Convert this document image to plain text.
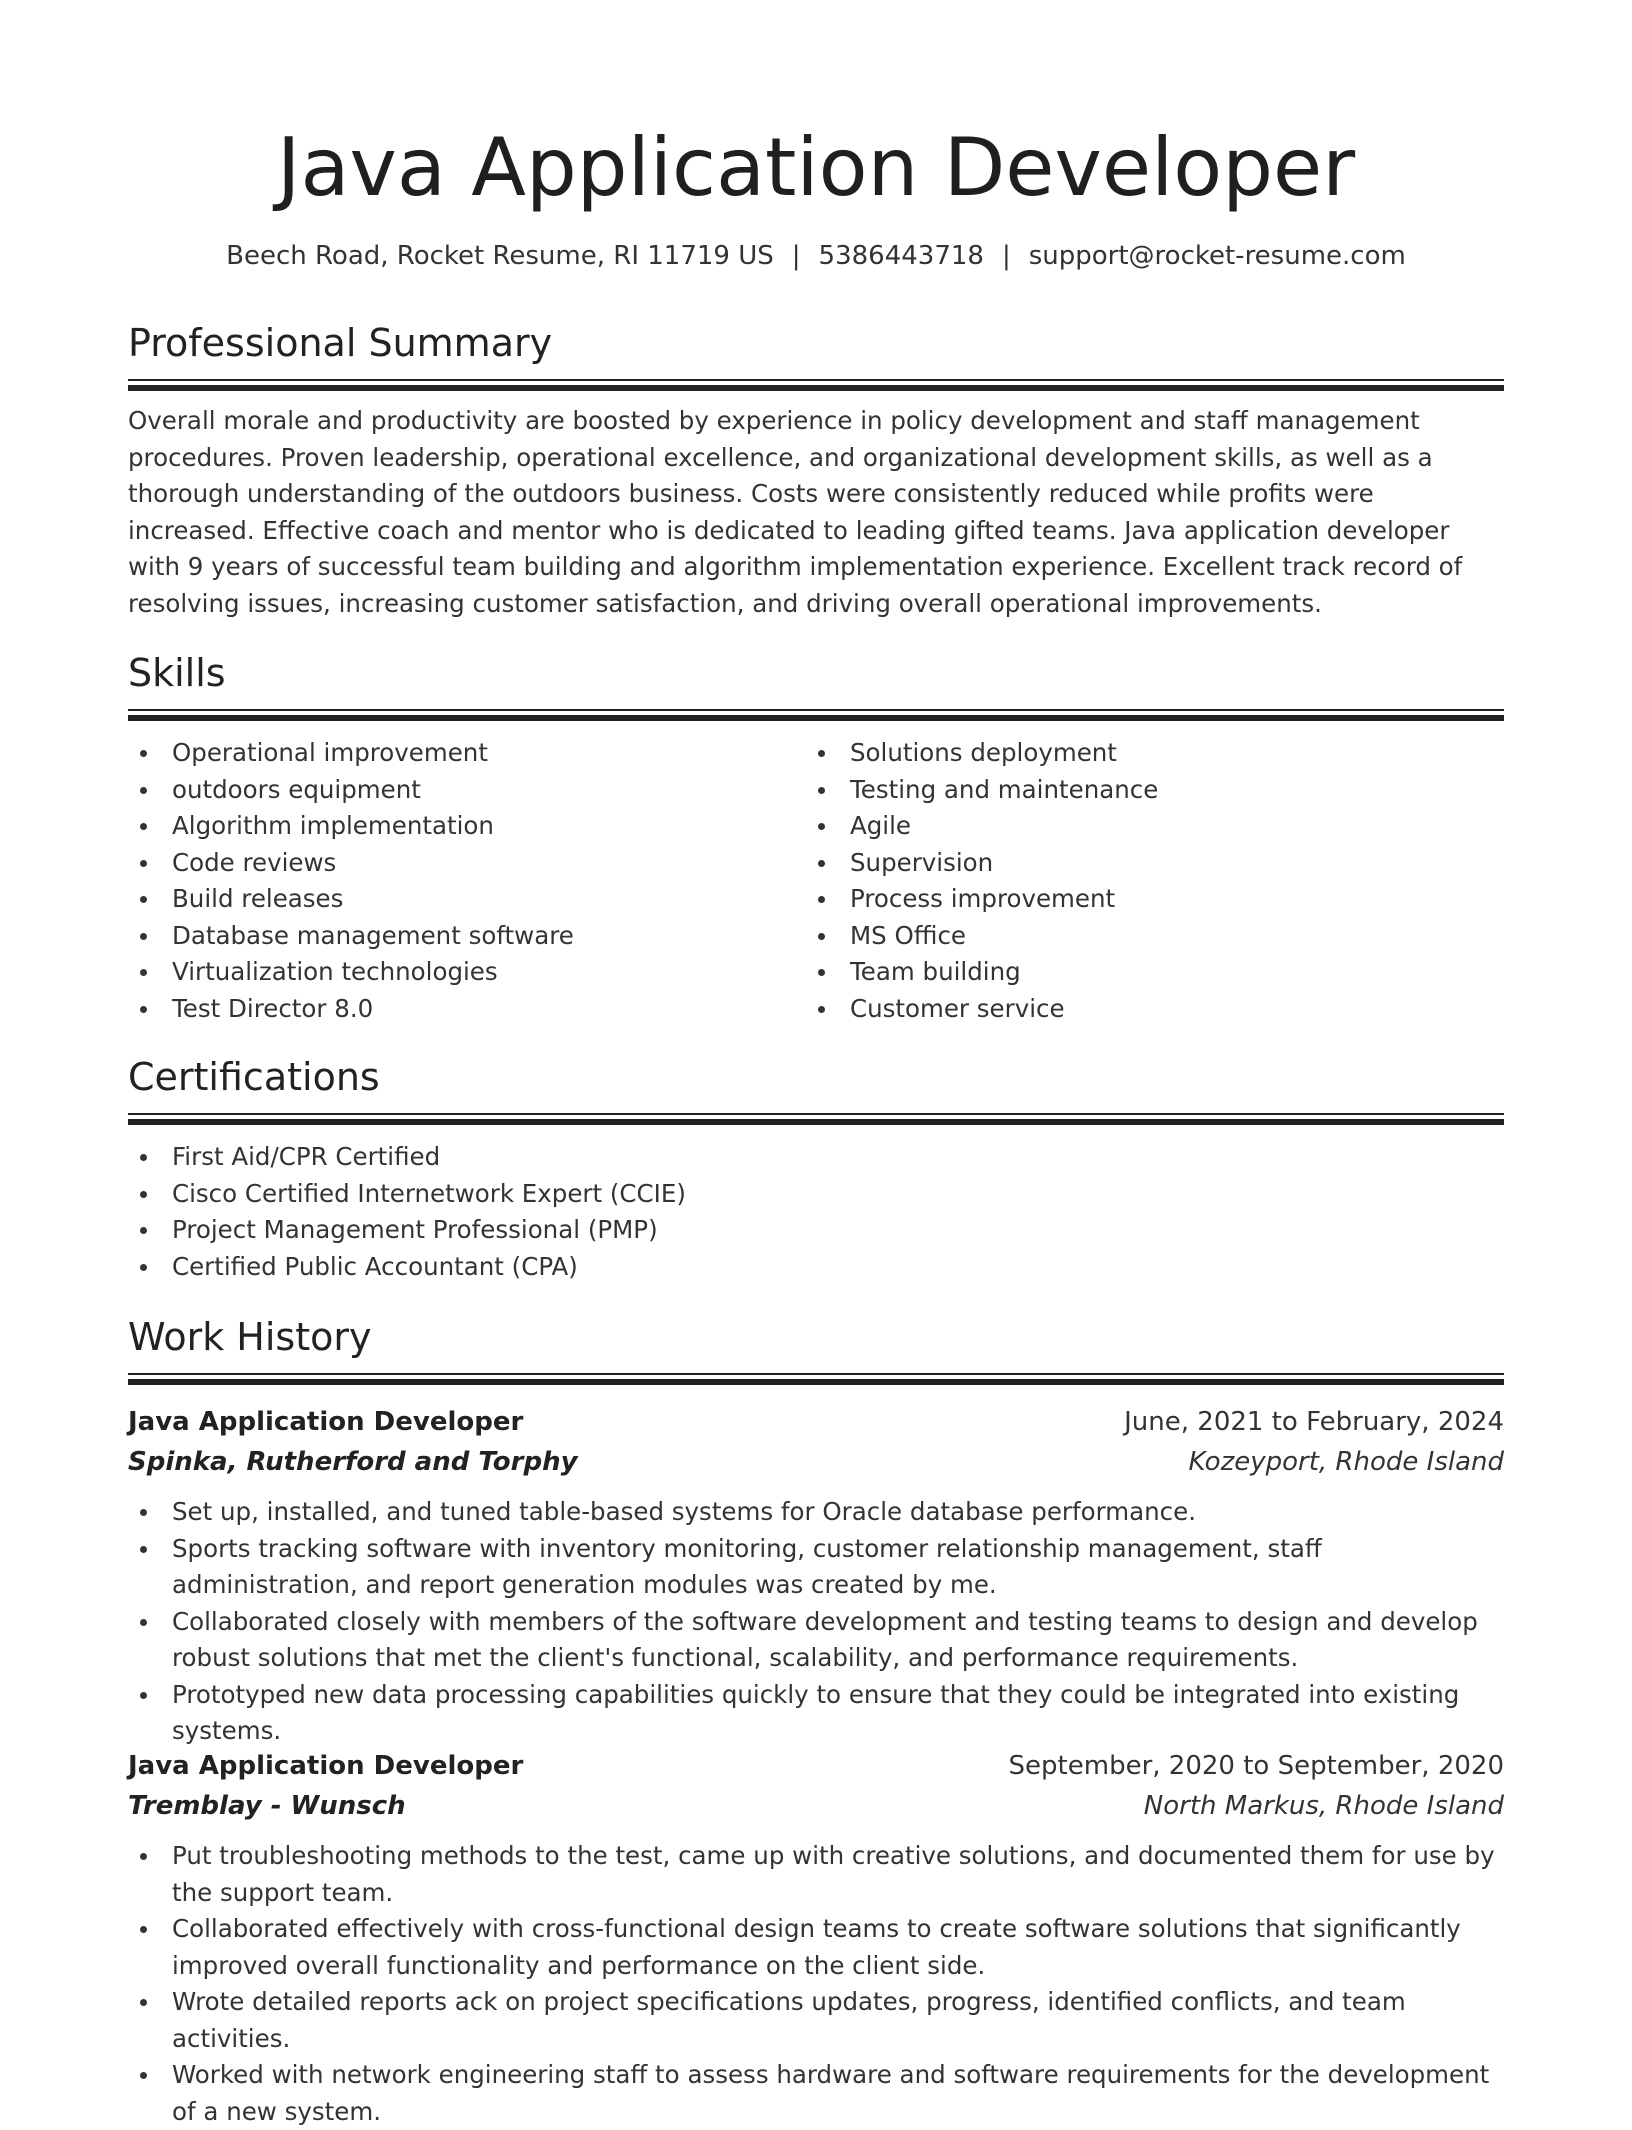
Java Application Developer
Beech Road, Rocket Resume, RI 11719 US | 5386443718 | support@rocket-resume.com
Professional Summary
Overall morale and productivity are boosted by experience in policy development and staff management procedures. Proven leadership, operational excellence, and organizational development skills, as well as a thorough understanding of the outdoors business. Costs were consistently reduced while profits were increased. Effective coach and mentor who is dedicated to leading gifted teams. Java application developer with 9 years of successful team building and algorithm implementation experience. Excellent track record of resolving issues, increasing customer satisfaction, and driving overall operational improvements.
Skills
Operational improvement
outdoors equipment
Algorithm implementation
Code reviews
Build releases
Database management software
Virtualization technologies
Test Director 8.0
Solutions deployment
Testing and maintenance
Agile
Supervision
Process improvement
MS Office
Team building
Customer service
Certifications
First Aid/CPR Certified
Cisco Certified Internetwork Expert (CCIE)
Project Management Professional (PMP)
Certified Public Accountant (CPA)
Work History
Java Application Developer	June, 2021 to February, 2024
Spinka, Rutherford and Torphy	Kozeyport, Rhode Island
Set up, installed, and tuned table-based systems for Oracle database performance.
Sports tracking software with inventory monitoring, customer relationship management, staff administration, and report generation modules was created by me.
Collaborated closely with members of the software development and testing teams to design and develop robust solutions that met the client's functional, scalability, and performance requirements.
Prototyped new data processing capabilities quickly to ensure that they could be integrated into existing systems.
Java Application Developer	September, 2020 to September, 2020
Tremblay - Wunsch	North Markus, Rhode Island
Put troubleshooting methods to the test, came up with creative solutions, and documented them for use by the support team.
Collaborated effectively with cross-functional design teams to create software solutions that significantly improved overall functionality and performance on the client side.
Wrote detailed reports ack on project specifications updates, progress, identified conflicts, and team activities.
Worked with network engineering staff to assess hardware and software requirements for the development of a new system.
